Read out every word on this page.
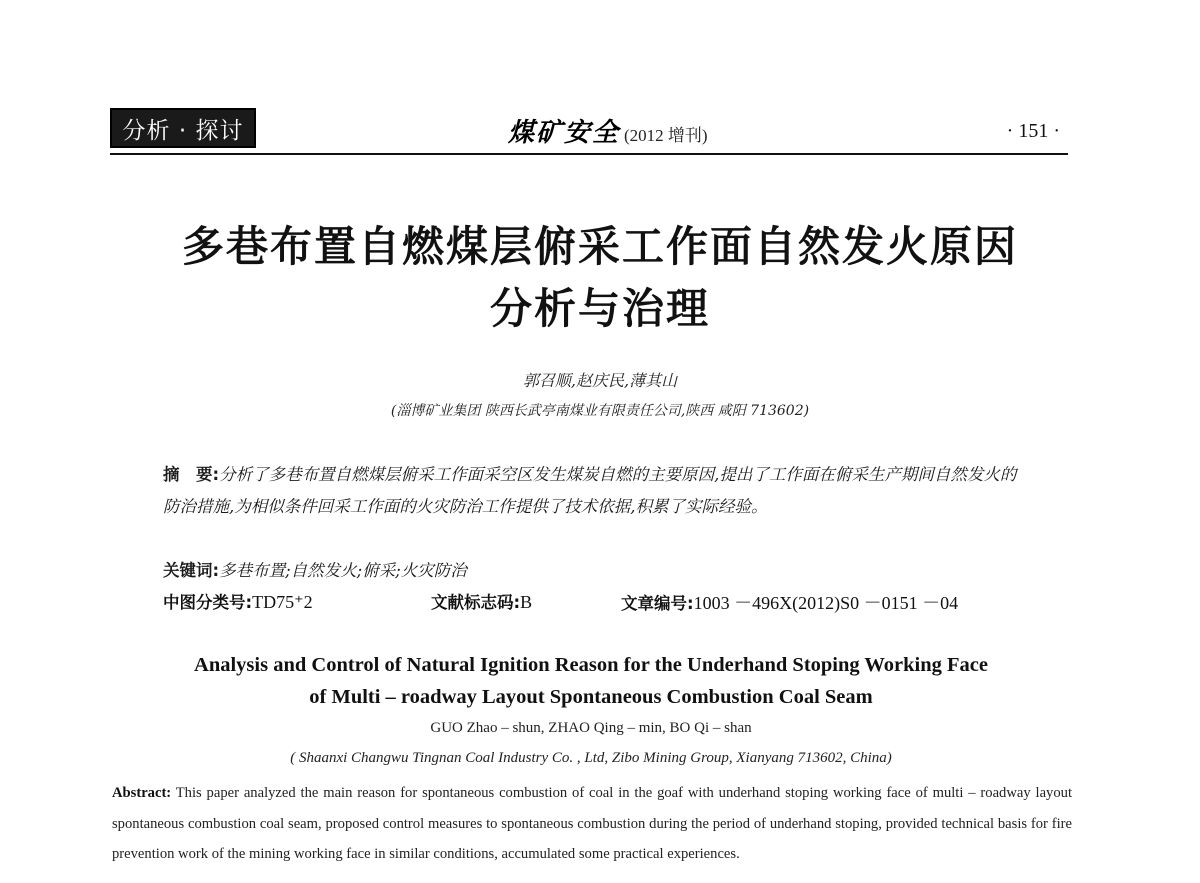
分析 · 探讨	煤矿安全 (2012 增刊)	· 151 ·
多巷布置自燃煤层俯采工作面自然发火原因
分析与治理
郭召顺,赵庆民,薄其山
(淄博矿业集团 陕西长武亭南煤业有限责任公司,陕西 咸阳 713602)
摘　要:分析了多巷布置自燃煤层俯采工作面采空区发生煤炭自燃的主要原因,提出了工作面在俯采生产期间自然发火的防治措施,为相似条件回采工作面的火灾防治工作提供了技术依据,积累了实际经验。
关键词:多巷布置;自然发火;俯采;火灾防治
中图分类号:TD75⁺2	文献标志码:B	文章编号:1003 －496X(2012)S0 －0151 －04
Analysis and Control of Natural Ignition Reason for the Underhand Stoping Working Face
of Multi – roadway Layout Spontaneous Combustion Coal Seam
GUO Zhao – shun, ZHAO Qing – min, BO Qi – shan
( Shaanxi Changwu Tingnan Coal Industry Co. , Ltd, Zibo Mining Group, Xianyang 713602, China)
Abstract: This paper analyzed the main reason for spontaneous combustion of coal in the goaf with underhand stoping working face of multi – roadway layout spontaneous combustion coal seam, proposed control measures to spontaneous combustion during the period of underhand stoping, provided technical basis for fire prevention work of the mining working face in similar conditions, accumulated some practical experiences.
